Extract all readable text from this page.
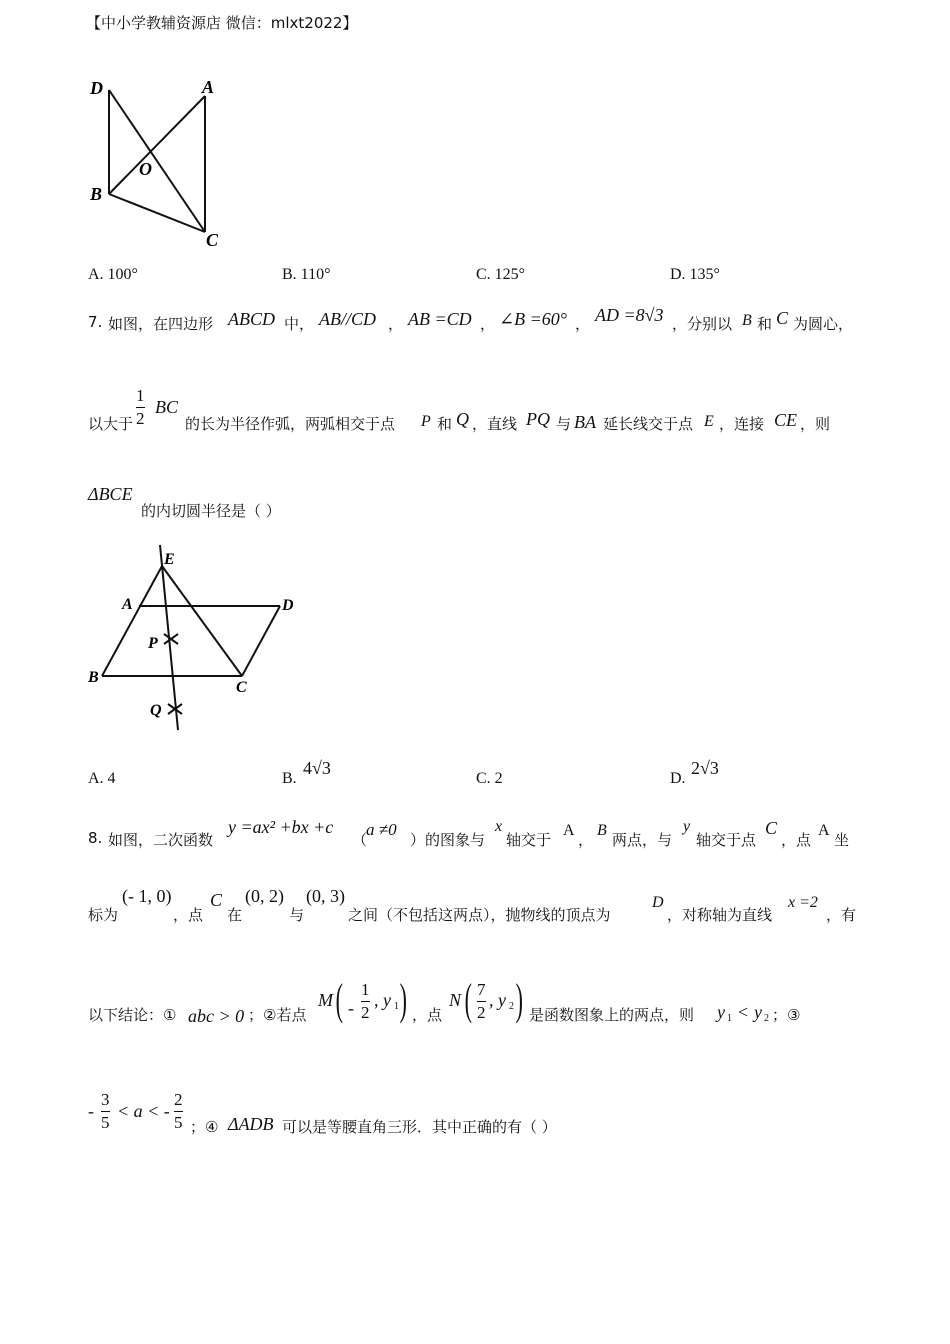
【中小学教辅资源店 微信：mlxt2022】
D	A
O
B
C
A. 100°	B. 110°	C. 125°	D. 135°
7. 如图，在四边形 ABCD 中， AB//CD ， AB =CD ， ∠B =60° ， AD =8√3 ，分别以 B 和 C 为圆心，
以大于
1
2
BC
的长为半径作弧，两弧相交于点 P 和 Q ，直线 PQ 与 BA 延长线交于点 E ，连接 CE ，则
ΔBCE
的内切圆半径是（ ）
E
A	D
P
B
C
Q
A. 4	B.
4√3
C. 2	D.
2√3
8. 如图，二次函数
y =ax² +bx +c
（
a ≠0
）的图象与
x
轴交于
A
，
B
两点，与
y
轴交于点
C
，点
A
坐
标为
(- 1, 0)
，点
C
在
(0, 2)
与
(0, 3)
之间（不包括这两点），抛物线的顶点为
D
，对称轴为直线
x =2
，有
以下结论：① abc > 0 ；②若点
M ( -
1
2
, y 1 ) ，点
N ( 7
2
, y 2 ) 是函数图象上的两点，则 y 1 < y 2 ；③
-
3
5
< a < -
2
5 ；④ ΔADB 可以是等腰直角三形．其中正确的有（ ）
